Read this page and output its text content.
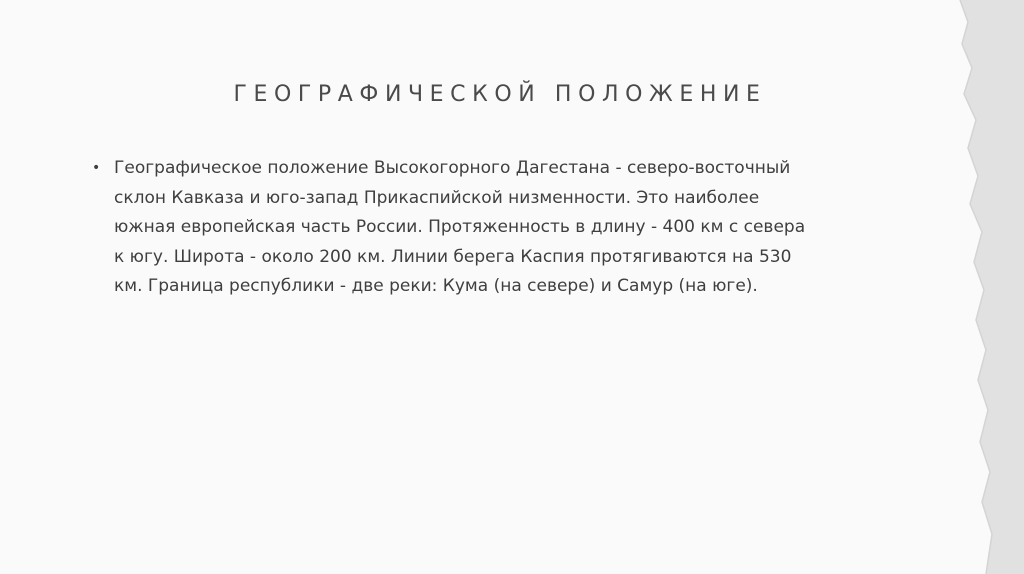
ГЕОГРАФИЧЕСКОЙ ПОЛОЖЕНИЕ
• Географическое положение Высокогорного Дагестана - северо-восточный
склон Кавказа и юго-запад Прикаспийской низменности. Это наиболее
южная европейская часть России. Протяженность в длину - 400 км с севера
к югу. Широта - около 200 км. Линии берега Каспия протягиваются на 530
км. Граница республики - две реки: Кума (на севере) и Самур (на юге).
